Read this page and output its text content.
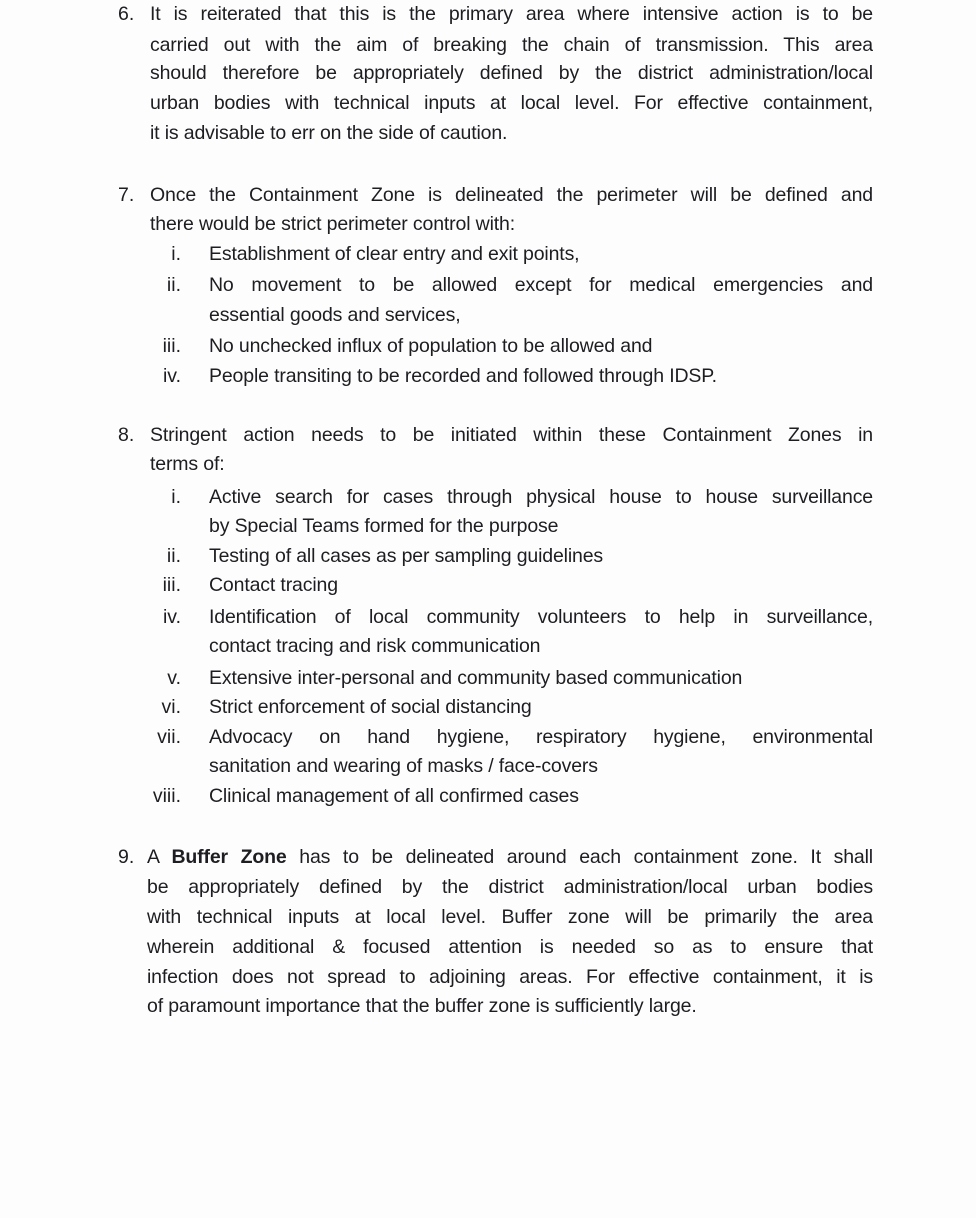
6. It is reiterated that this is the primary area where intensive action is to be
carried out with the aim of breaking the chain of transmission. This area
should therefore be appropriately defined by the district administration/local
urban bodies with technical inputs at local level. For effective containment,
it is advisable to err on the side of caution.
7. Once the Containment Zone is delineated the perimeter will be defined and
there would be strict perimeter control with:
i. Establishment of clear entry and exit points,
ii. No movement to be allowed except for medical emergencies and
essential goods and services,
iii. No unchecked influx of population to be allowed and
iv. People transiting to be recorded and followed through IDSP.
8. Stringent action needs to be initiated within these Containment Zones in
terms of:
i. Active search for cases through physical house to house surveillance
by Special Teams formed for the purpose
ii. Testing of all cases as per sampling guidelines
iii. Contact tracing
iv. Identification of local community volunteers to help in surveillance,
contact tracing and risk communication
v. Extensive inter-personal and community based communication
vi. Strict enforcement of social distancing
vii. Advocacy on hand hygiene, respiratory hygiene, environmental
sanitation and wearing of masks / face-covers
viii. Clinical management of all confirmed cases
9. A Buffer Zone has to be delineated around each containment zone. It shall
be appropriately defined by the district administration/local urban bodies
with technical inputs at local level. Buffer zone will be primarily the area
wherein additional & focused attention is needed so as to ensure that
infection does not spread to adjoining areas. For effective containment, it is
of paramount importance that the buffer zone is sufficiently large.
